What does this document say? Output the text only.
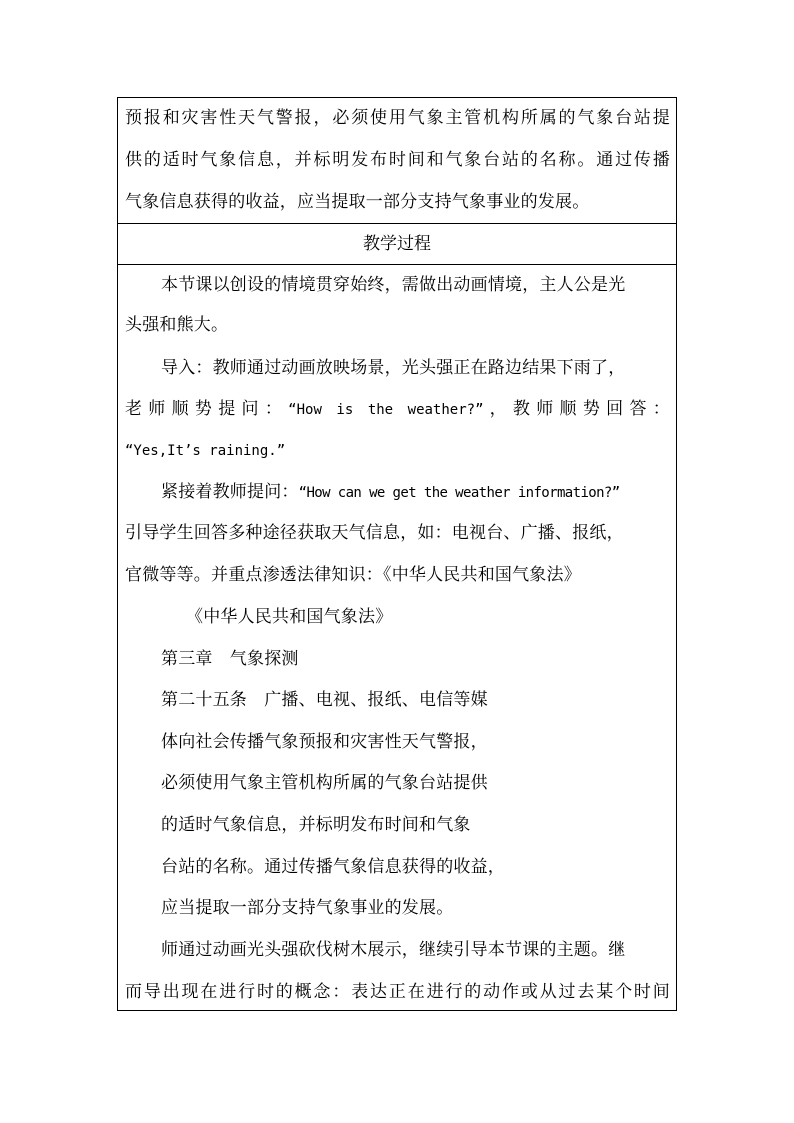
预报和灾害性天气警报，必须使用气象主管机构所属的气象台站提
供的适时气象信息，并标明发布时间和气象台站的名称。通过传播
气象信息获得的收益，应当提取一部分支持气象事业的发展。
教学过程
本节课以创设的情境贯穿始终，需做出动画情境，主人公是光
头强和熊大。
导入：教师通过动画放映场景，光头强正在路边结果下雨了，
老师顺势提问：“How is the weather?”，教师顺势回答：
“Yes,It’s raining.”
紧接着教师提问：“How can we get the weather information?”
引导学生回答多种途径获取天气信息，如：电视台、广播、报纸，
官微等等。并重点渗透法律知识：《中华人民共和国气象法》
《中华人民共和国气象法》
第三章　气象探测
第二十五条　广播、电视、报纸、电信等媒
体向社会传播气象预报和灾害性天气警报，
必须使用气象主管机构所属的气象台站提供
的适时气象信息，并标明发布时间和气象
台站的名称。通过传播气象信息获得的收益，
应当提取一部分支持气象事业的发展。
师通过动画光头强砍伐树木展示，继续引导本节课的主题。继
而导出现在进行时的概念：表达正在进行的动作或从过去某个时间
